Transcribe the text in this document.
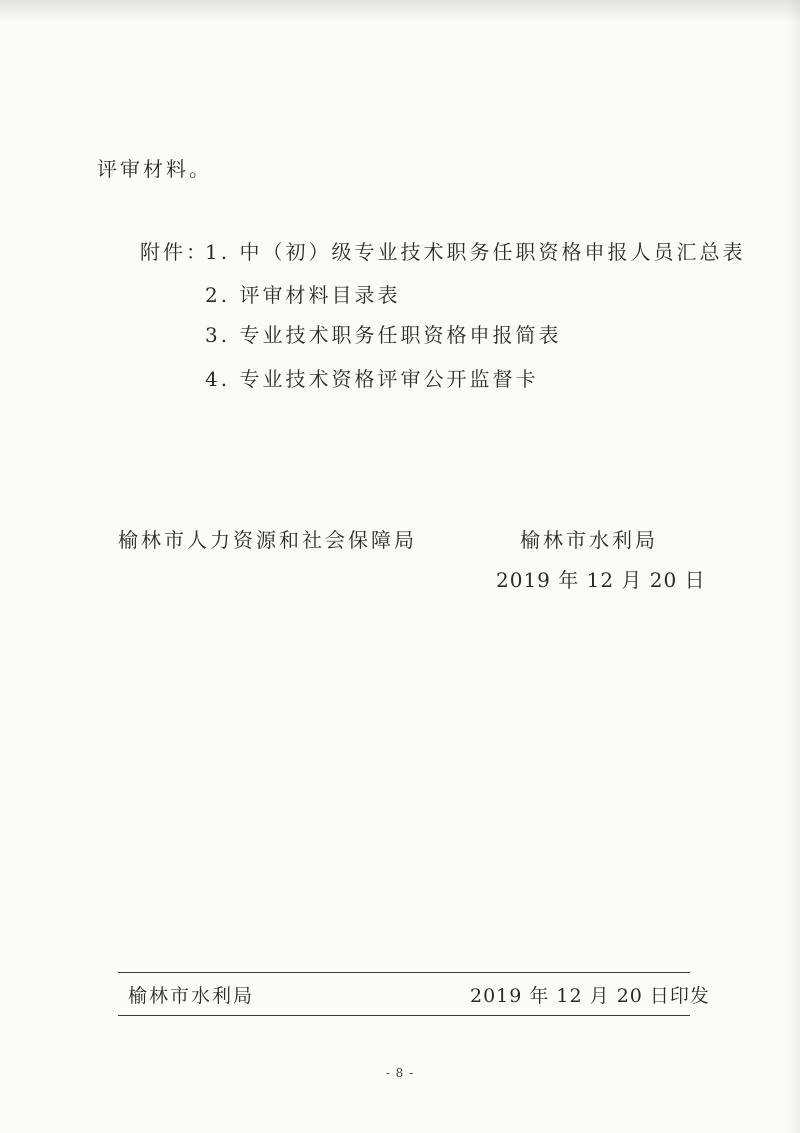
评审材料。
附件：
1. 中（初）级专业技术职务任职资格申报人员汇总表
2. 评审材料目录表
3. 专业技术职务任职资格申报简表
4. 专业技术资格评审公开监督卡
榆林市人力资源和社会保障局	榆林市水利局
2019 年 12 月 20 日
榆林市水利局	2019 年 12 月 20 日印发
- 8 -
